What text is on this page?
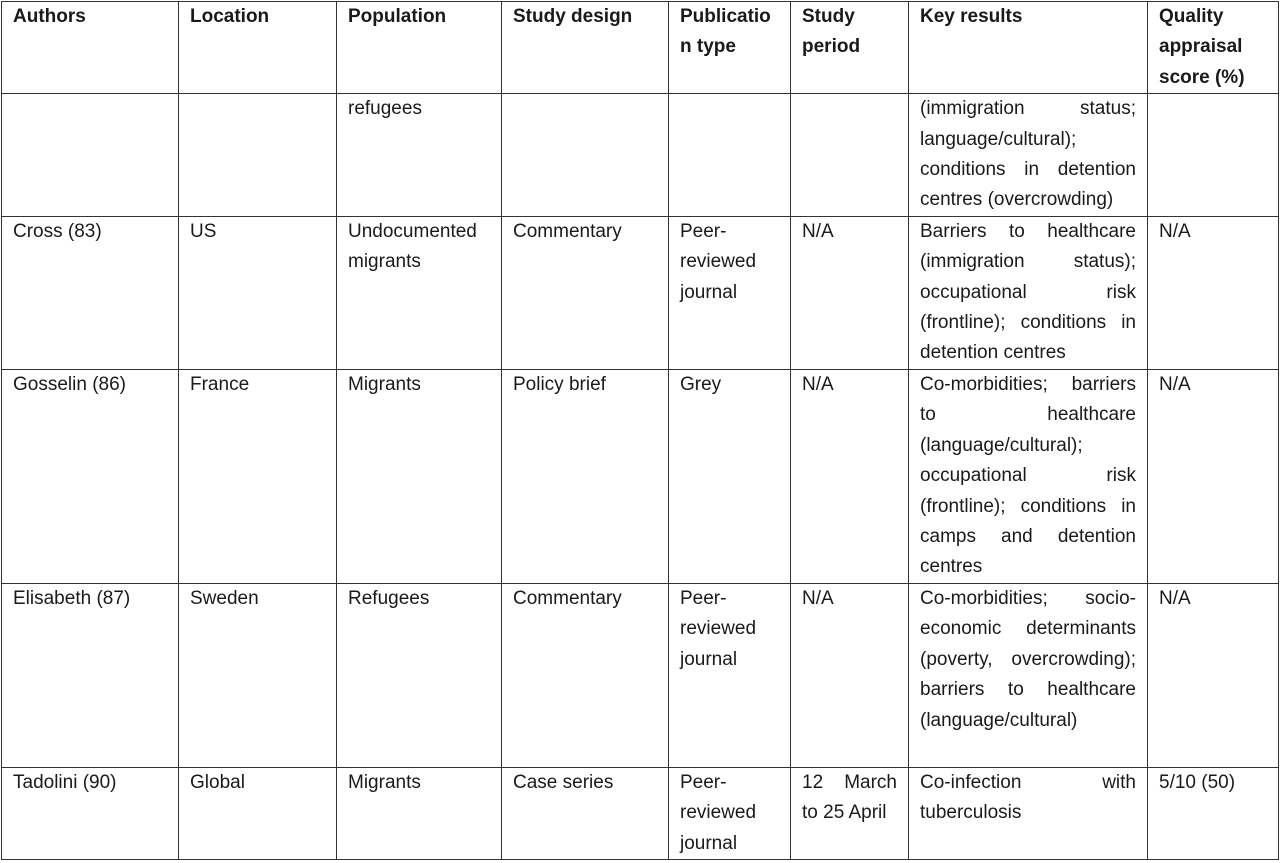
Authors	Location	Population	Study design	Publication type	Study period	Key results	Quality appraisal score (%)
		refugees				(immigration status; language/cultural); conditions in detention centres (overcrowding)	
Cross (83)	US	Undocumented migrants	Commentary	Peer-reviewed journal	N/A	Barriers to healthcare (immigration status); occupational risk (frontline); conditions in detention centres	N/A
Gosselin (86)	France	Migrants	Policy brief	Grey	N/A	Co-morbidities; barriers to healthcare (language/cultural); occupational risk (frontline); conditions in camps and detention centres	N/A
Elisabeth (87)	Sweden	Refugees	Commentary	Peer-reviewed journal	N/A	Co-morbidities; socio-economic determinants (poverty, overcrowding); barriers to healthcare (language/cultural)	N/A
Tadolini (90)	Global	Migrants	Case series	Peer-reviewed journal	12 March to 25 April	Co-infection with tuberculosis	5/10 (50)
